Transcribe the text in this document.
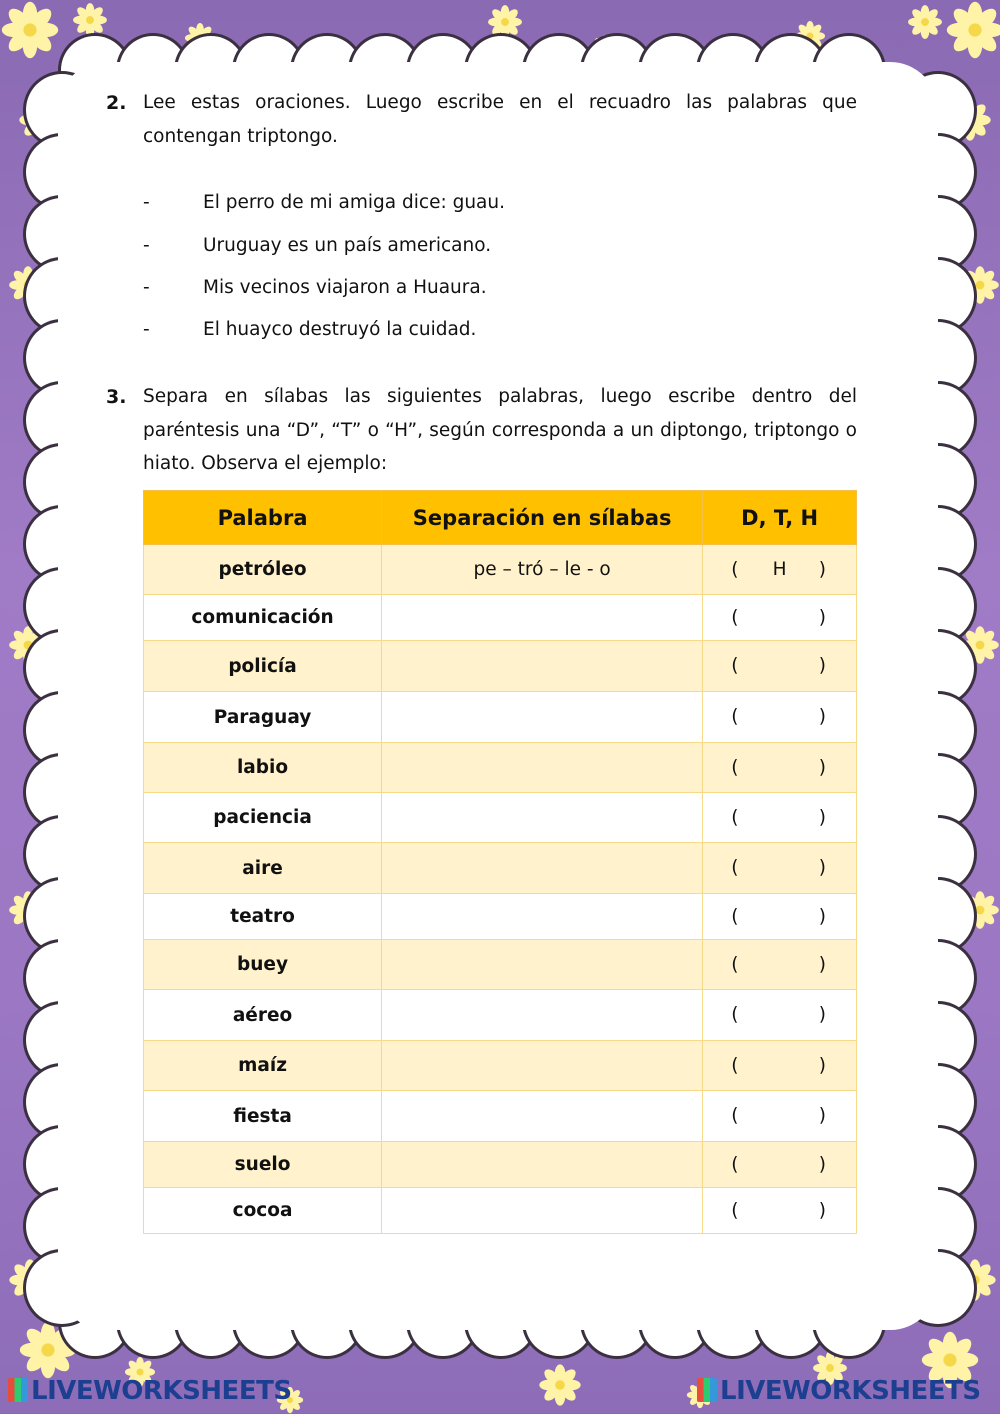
2. Lee estas oraciones. Luego escribe en el recuadro las palabras que contengan triptongo.
-	El perro de mi amiga dice: guau.
-	Uruguay es un país americano.
-	Mis vecinos viajaron a Huaura.
-	El huayco destruyó la cuidad.
3. Separa en sílabas las siguientes palabras, luego escribe dentro del paréntesis una “D”, “T” o “H”, según corresponda a un diptongo, triptongo o hiato. Observa el ejemplo:
Palabra	Separación en sílabas	D, T, H
petróleo	pe – tró – le - o	( H )

comunicación		( )

policía		( )

Paraguay		( )

labio		( )

paciencia		( )

aire		( )

teatro		( )

buey		( )

aéreo		( )

maíz		( )

fiesta		( )

suelo		( )

cocoa		( )
LIVEWORKSHEETS	LIVEWORKSHEETS
